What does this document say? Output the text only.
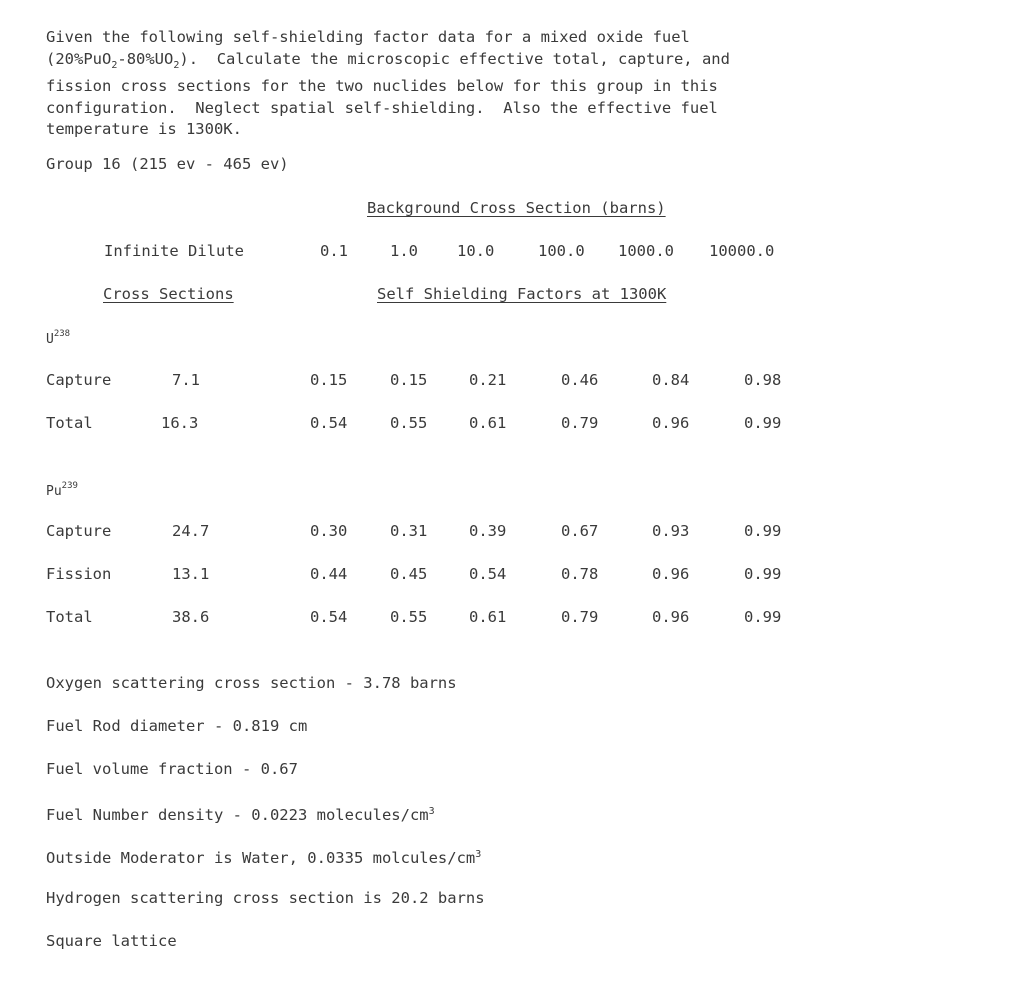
Given the following self-shielding factor data for a mixed oxide fuel
$(20\%PuO_2-80\%UO_2)$.  Calculate the microscopic effective total, capture, and
fission cross sections for the two nuclides below for this group in this
configuration.  Neglect spatial self-shielding.  Also the effective fuel
temperature is 1300K.
Group 16 (215 ev - 465 ev)
Background Cross Section (barns)
Infinite Dilute	0.1	1.0	10.0	100.0 1000.0 10000.0
Cross Sections	Self Shielding Factors at 1300K
$U^{238}$
Capture	7.1	0.15	0.15	0.21	0.46	0.84	0.98
Total	16.3	0.54	0.55	0.61	0.79	0.96	0.99
Pu$^{239}$
Capture	24.7	0.30	0.31	0.39	0.67	0.93	0.99
Fission	13.1	0.44	0.45	0.54	0.78	0.96	0.99
Total	38.6	0.54	0.55	0.61	0.79	0.96	0.99
Oxygen scattering cross section - 3.78 barns
Fuel Rod diameter - 0.819 cm
Fuel volume fraction - 0.67
Fuel Number density - 0.0223 molecules/$cm^3$
Outside Moderator is Water, 0.0335 molcules/$cm^3$
Hydrogen scattering cross section is 20.2 barns
Square lattice
